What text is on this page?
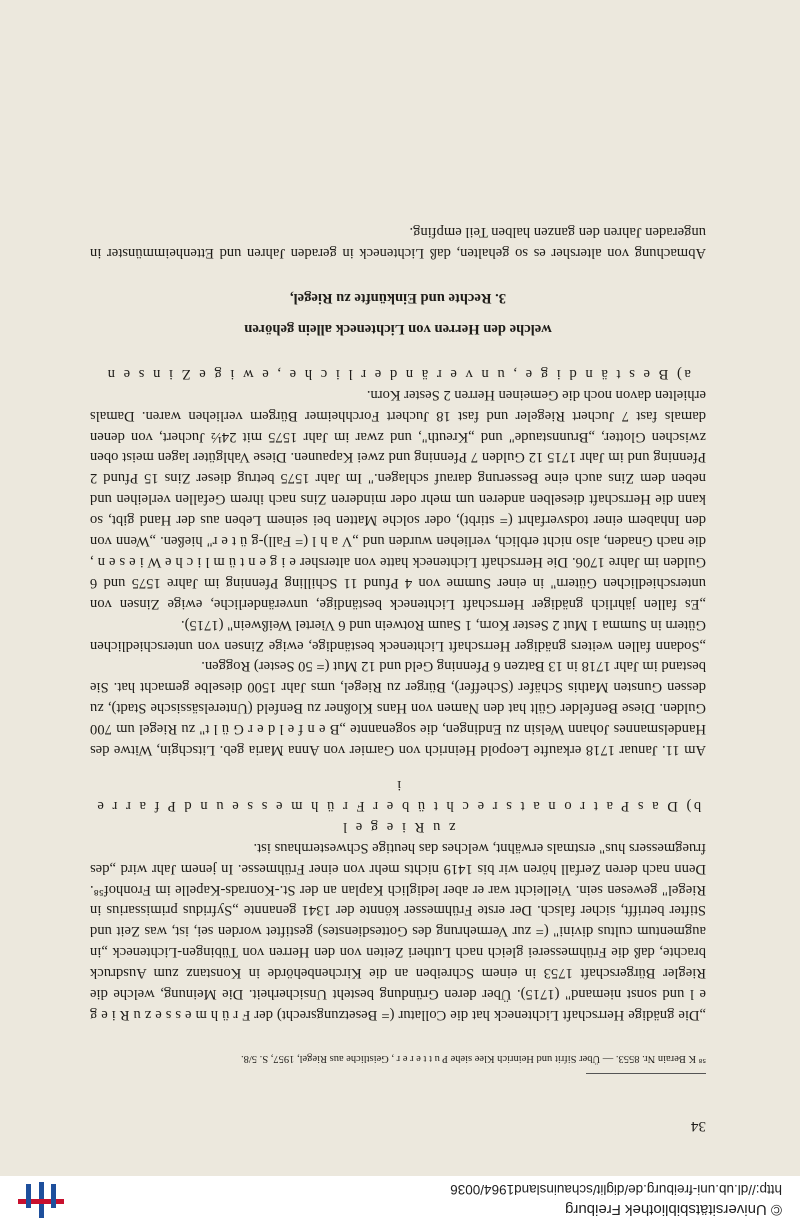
© Universitätsbibliothek Freiburg
http://dl.ub.uni-freiburg.de/diglit/schauinsland1964/0036
34

⁵⁸ K Berain Nr. 8553. — Über Sifrit und Heinrich Klee siehe P u t t e r e r , Geistliche aus Riegel, 1957, S. 5/8.

„Die gnädige Herrschaft Lichteneck hat die Collatur (= Besetzungsrecht) der F r ü h m e s s e z u R i e g e l und sonst niemand" (1715). Über deren Gründung besteht Unsicherheit. Die Meinung, welche die Riegler Bürgerschaft 1753 in einem Schreiben an die Kirchenbehörde in Konstanz zum Ausdruck brachte, daß die Frühmesserei gleich nach Lutheri Zeiten von den Herren von Tübingen-Lichteneck „in augmentum cultus divini" (= zur Vermehrung des Gottesdienstes) gestiftet worden sei, ist, was Zeit und Stifter betrifft, sicher falsch. Der erste Frühmesser könnte der 1341 genannte „Syfridus primissarius in Riegel" gewesen sein. Vielleicht war er aber lediglich Kaplan an der St.-Konrads-Kapelle im Fronhof⁵⁸. Denn nach deren Zerfall hören wir bis 1419 nichts mehr von einer Frühmesse. In jenem Jahr wird „des fruegmessers hus" erstmals erwähnt, welches das heutige Schwesternhaus ist.

z u R i e g e l

b) D a s P a t r o n a t s r e c h t ü b e r F r ü h m e s s e u n d P f a r r e i

Am 11. Januar 1718 erkaufte Leopold Heinrich von Garnier von Anna Maria geb. Litschgin, Witwe des Handelsmannes Johann Welsin zu Endingen, die sogenannte „B e n f e l d e r G ü l t" zu Riegel um 700 Gulden. Diese Benfelder Gült hat den Namen von Hans Kloßner zu Benfeld (Unterelsässische Stadt), zu dessen Gunsten Mathis Schäfer (Scheffer), Bürger zu Riegel, ums Jahr 1500 dieselbe gemacht hat. Sie bestand im Jahr 1718 in 13 Batzen 6 Pfenning Geld und 12 Mut (= 50 Sester) Roggen.

„Sodann fallen weiters gnädiger Herrschaft Lichteneck beständige, ewige Zinsen von unterschiedlichen Gütern in Summa 1 Mut 2 Sester Korn, 1 Saum Rotwein und 6 Viertel Weißwein" (1715).

„Es fallen jährlich gnädiger Herrschaft Lichteneck beständige, unveränderliche, ewige Zinsen von unterschiedlichen Gütern" in einer Summe von 4 Pfund 11 Schilling Pfenning im Jahre 1575 und 6 Gulden im Jahre 1706. Die Herrschaft Lichteneck hatte von altersher e i g e n t ü m l i c h e W i e s e n , die nach Gnaden, also nicht erblich, verliehen wurden und „V a h l (= Fall)-g ü t e r" hießen. „Wenn von den Inhabern einer todsverfahrt (= stirbt), oder solche Matten bei seinem Leben aus der Hand gibt, so kann die Herrschaft dieselben anderen um mehr oder minderen Zins nach ihrem Gefallen verleihen und neben dem Zins auch eine Besserung darauf schlagen." Im Jahr 1575 betrug dieser Zins 15 Pfund 2 Pfenning und im Jahr 1715 12 Gulden 7 Pfenning und zwei Kapaunen. Diese Vahlgüter lagen meist oben zwischen Glotter, „Brunnstaude" und „Kreuth", und zwar im Jahr 1575 mit 24½ Juchert, von denen damals fast 7 Juchert Riegeler und fast 18 Juchert Forchheimer Bürgern verliehen waren. Damals erhielten davon noch die Gemeinen Herren 2 Sester Korn.

a) B e s t ä n d i g e , u n v e r ä n d e r l i c h e , e w i g e Z i n s e n

welche den Herren von Lichteneck allein gehören

3. Rechte und Einkünfte zu Riegel,

Abmachung von altersher es so gehalten, daß Lichteneck in geraden Jahren und Ettenheimmünster in ungeraden Jahren den ganzen halben Teil empfing.
